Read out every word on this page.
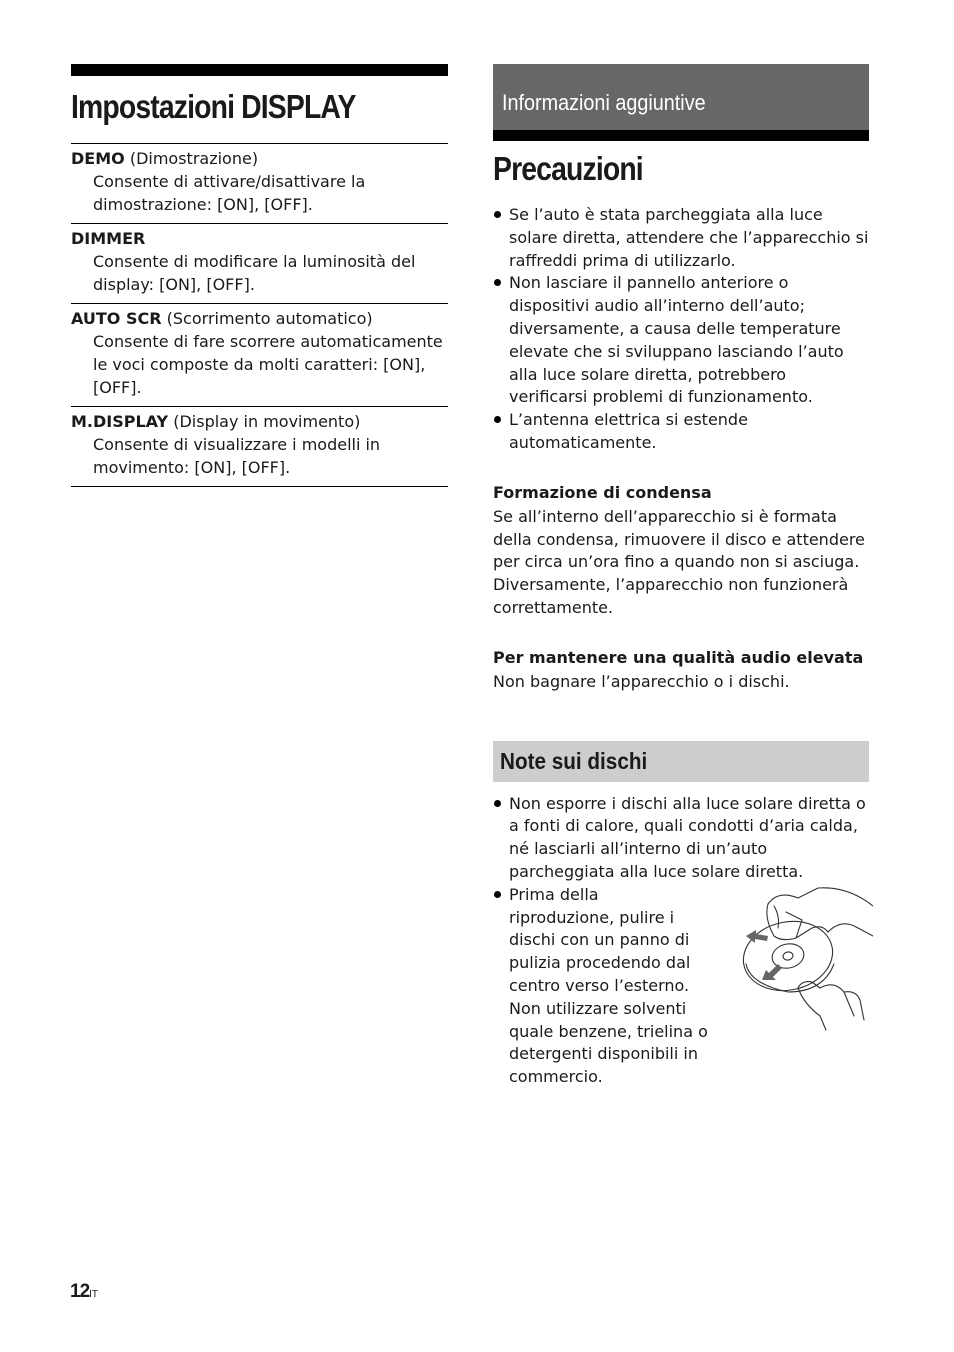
Impostazioni DISPLAY
DEMO (Dimostrazione)
Consente di attivare/disattivare la dimostrazione: [ON], [OFF].
DIMMER
Consente di modificare la luminosità del display: [ON], [OFF].
AUTO SCR (Scorrimento automatico)
Consente di fare scorrere automaticamente le voci composte da molti caratteri: [ON], [OFF].
M.DISPLAY (Display in movimento)
Consente di visualizzare i modelli in movimento: [ON], [OFF].
Informazioni aggiuntive
Precauzioni
Se l’auto è stata parcheggiata alla luce solare diretta, attendere che l’apparecchio si raffreddi prima di utilizzarlo.
Non lasciare il pannello anteriore o dispositivi audio all’interno dell’auto; diversamente, a causa delle temperature elevate che si sviluppano lasciando l’auto alla luce solare diretta, potrebbero verificarsi problemi di funzionamento.
L’antenna elettrica si estende automaticamente.
Formazione di condensa
Se all’interno dell’apparecchio si è formata della condensa, rimuovere il disco e attendere per circa un’ora fino a quando non si asciuga. Diversamente, l’apparecchio non funzionerà correttamente.
Per mantenere una qualità audio elevata
Non bagnare l’apparecchio o i dischi.
Note sui dischi
Non esporre i dischi alla luce solare diretta o a fonti di calore, quali condotti d’aria calda, né lasciarli all’interno di un’auto parcheggiata alla luce solare diretta.
Prima della riproduzione, pulire i dischi con un panno di pulizia procedendo dal centro verso l’esterno. Non utilizzare solventi quale benzene, trielina o detergenti disponibili in commercio.
12IT
